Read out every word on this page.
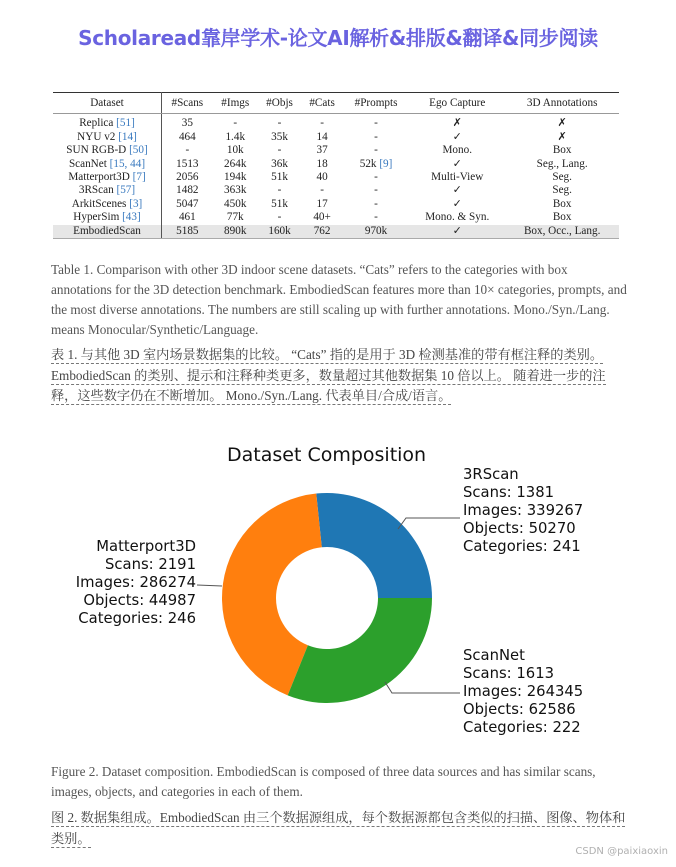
Scholaread靠岸学术-论文AI解析&排版&翻译&同步阅读
Dataset	#Scans	#Imgs	#Objs	#Cats	#Prompts	Ego Capture	3D Annotations
Replica [51]	35	-	-	-	-	✗	✗
NYU v2 [14]	464	1.4k	35k	14	-	✓	✗
SUN RGB-D [50]	-	10k	-	37	-	Mono.	Box
ScanNet [15, 44]	1513	264k	36k	18	52k [9]	✓	Seg., Lang.
Matterport3D [7]	2056	194k	51k	40	-	Multi-View	Seg.
3RScan [57]	1482	363k	-	-	-	✓	Seg.
ArkitScenes [3]	5047	450k	51k	17	-	✓	Box
HyperSim [43]	461	77k	-	40+	-	Mono. & Syn.	Box
EmbodiedScan	5185	890k	160k	762	970k	✓	Box, Occ., Lang.
Table 1. Comparison with other 3D indoor scene datasets. “Cats” refers to the categories with box annotations for the 3D detection benchmark. EmbodiedScan features more than 10× categories, prompts, and the most diverse annotations. The numbers are still scaling up with further annotations. Mono./Syn./Lang. means Monocular/Synthetic/Language.
表 1. 与其他 3D 室内场景数据集的比较。 “Cats” 指的是用于 3D 检测基准的带有框注释的类别。 EmbodiedScan 的类别、提示和注释种类更多，数量超过其他数据集 10 倍以上。 随着进一步的注释，这些数字仍在不断增加。 Mono./Syn./Lang. 代表单目/合成/语言。
Dataset Composition
3RScan
Scans: 1381
Images: 339267
Objects: 50270
Categories: 241
Matterport3D
Scans: 2191
Images: 286274
Objects: 44987
Categories: 246
ScanNet
Scans: 1613
Images: 264345
Objects: 62586
Categories: 222
Figure 2. Dataset composition. EmbodiedScan is composed of three data sources and has similar scans, images, objects, and categories in each of them.
图 2. 数据集组成。EmbodiedScan 由三个数据源组成，每个数据源都包含类似的扫描、图像、物体和类别。
CSDN @paixiaoxin
